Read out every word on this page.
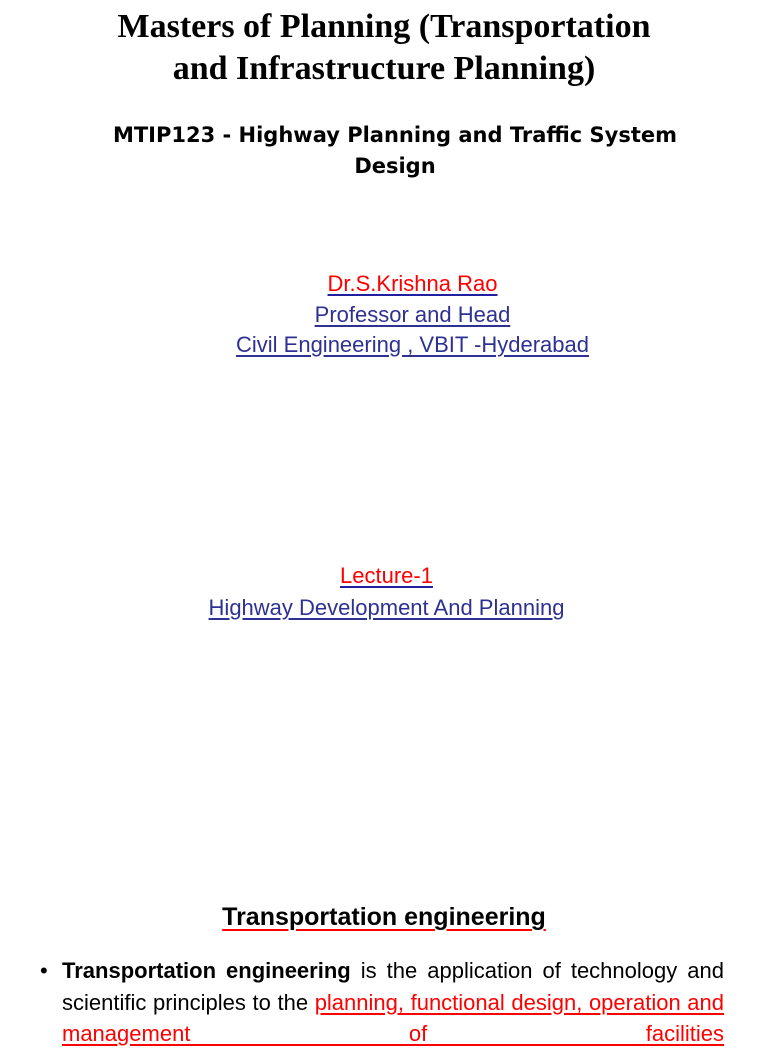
Masters of Planning (Transportation
and Infrastructure Planning)
MTIP123 - Highway Planning and Traffic System
Design
Dr.S.Krishna Rao
Professor and Head
Civil Engineering , VBIT -Hyderabad
Lecture-1
Highway Development And Planning
Transportation engineering
• Transportation engineering is the application of technology and scientific principles to the planning, functional design, operation and management of facilities
